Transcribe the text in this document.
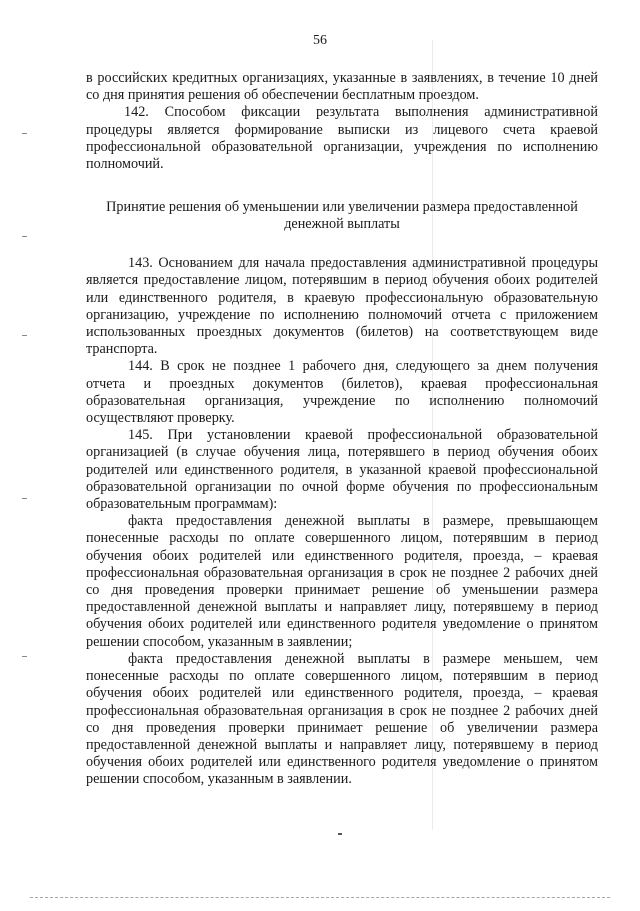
56

в российских кредитных организациях, указанные в заявлениях, в течение 10 дней со дня принятия решения об обеспечении бесплатным проездом.

142. Способом фиксации результата выполнения административной процедуры является формирование выписки из лицевого счета краевой профессиональной образовательной организации, учреждения по исполнению полномочий.

Принятие решения об уменьшении или увеличении размера предоставленной денежной выплаты

143. Основанием для начала предоставления административной процедуры является предоставление лицом, потерявшим в период обучения обоих родителей или единственного родителя, в краевую профессиональную образовательную организацию, учреждение по исполнению полномочий отчета с приложением использованных проездных документов (билетов) на соответствующем виде транспорта.

144. В срок не позднее 1 рабочего дня, следующего за днем получения отчета и проездных документов (билетов), краевая профессиональная образовательная организация, учреждение по исполнению полномочий осуществляют проверку.

145. При установлении краевой профессиональной образовательной организацией (в случае обучения лица, потерявшего в период обучения обоих родителей или единственного родителя, в указанной краевой профессиональной образовательной организации по очной форме обучения по профессиональным образовательным программам):

факта предоставления денежной выплаты в размере, превышающем понесенные расходы по оплате совершенного лицом, потерявшим в период обучения обоих родителей или единственного родителя, проезда, – краевая профессиональная образовательная организация в срок не позднее 2 рабочих дней со дня проведения проверки принимает решение об уменьшении размера предоставленной денежной выплаты и направляет лицу, потерявшему в период обучения обоих родителей или единственного родителя уведомление о принятом решении способом, указанным в заявлении;

факта предоставления денежной выплаты в размере меньшем, чем понесенные расходы по оплате совершенного лицом, потерявшим в период обучения обоих родителей или единственного родителя, проезда, – краевая профессиональная образовательная организация в срок не позднее 2 рабочих дней со дня проведения проверки принимает решение об увеличении размера предоставленной денежной выплаты и направляет лицу, потерявшему в период обучения обоих родителей или единственного родителя уведомление о принятом решении способом, указанным в заявлении.
